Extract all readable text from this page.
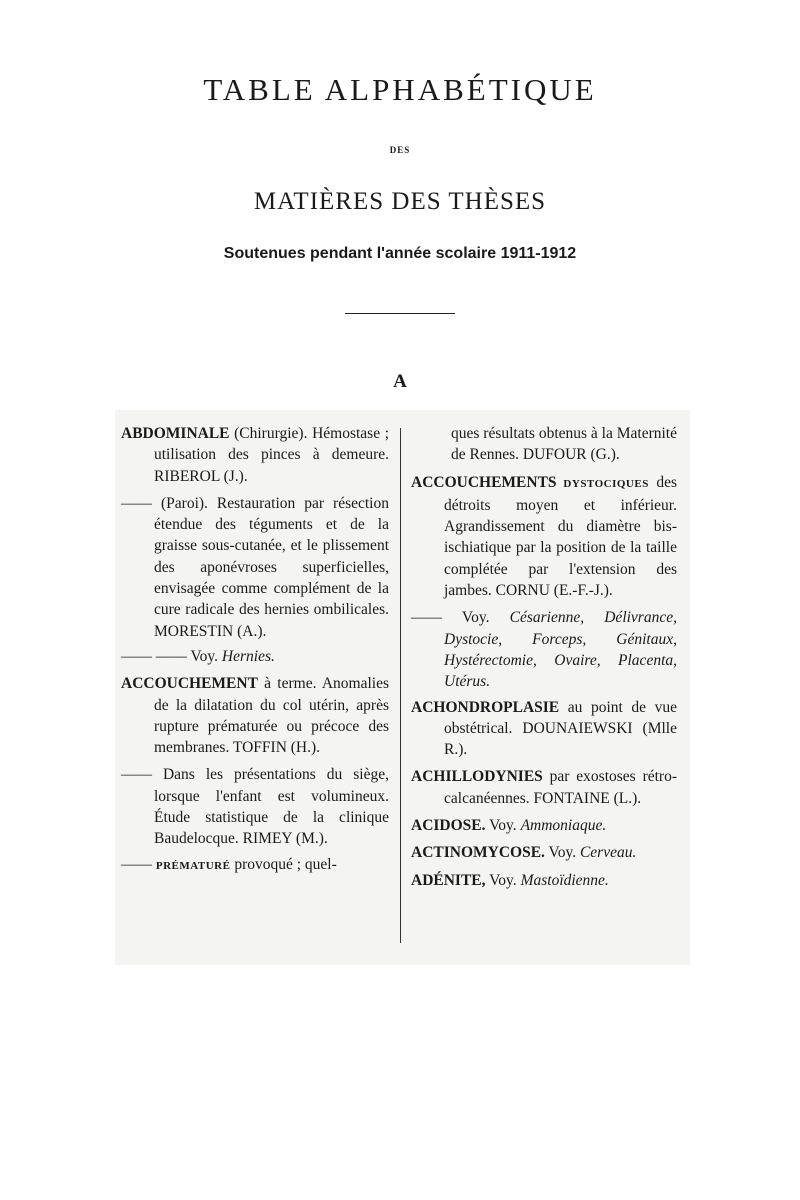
TABLE ALPHABÉTIQUE
DES
MATIÈRES DES THÈSES
Soutenues pendant l'année scolaire 1911-1912
A

ABDOMINALE (Chirurgie). Hémostase ; utilisation des pinces à demeure. RIBEROL (J.).

—— (Paroi). Restauration par résection étendue des téguments et de la graisse sous-cutanée, et le plissement des aponévroses superficielles, envisagée comme complément de la cure radicale des hernies ombilicales. MORESTIN (A.).

—— —— Voy. Hernies.

ACCOUCHEMENT à terme. Anomalies de la dilatation du col utérin, après rupture prématurée ou précoce des membranes. TOFFIN (H.).

—— Dans les présentations du siège, lorsque l'enfant est volumineux. Étude statistique de la clinique Baudelocque. RIMEY (M.).

—— PRÉMATURÉ provoqué ; quel-

ques résultats obtenus à la Maternité de Rennes. DUFOUR (G.).

ACCOUCHEMENTS DYSTOCIQUES des détroits moyen et inférieur. Agrandissement du diamètre bis-ischiatique par la position de la taille complétée par l'extension des jambes. CORNU (E.-F.-J.).

—— Voy. Césarienne, Délivrance, Dystocie, Forceps, Génitaux, Hystérectomie, Ovaire, Placenta, Utérus.

ACHONDROPLASIE au point de vue obstétrical. DOUNAIEWSKI (Mlle R.).

ACHILLODYNIES par exostoses rétro-calcanéennes. FONTAINE (L.).

ACIDOSE. Voy. Ammoniaque.

ACTINOMYCOSE. Voy. Cerveau.

ADÉNITE, Voy. Mastoïdienne.
